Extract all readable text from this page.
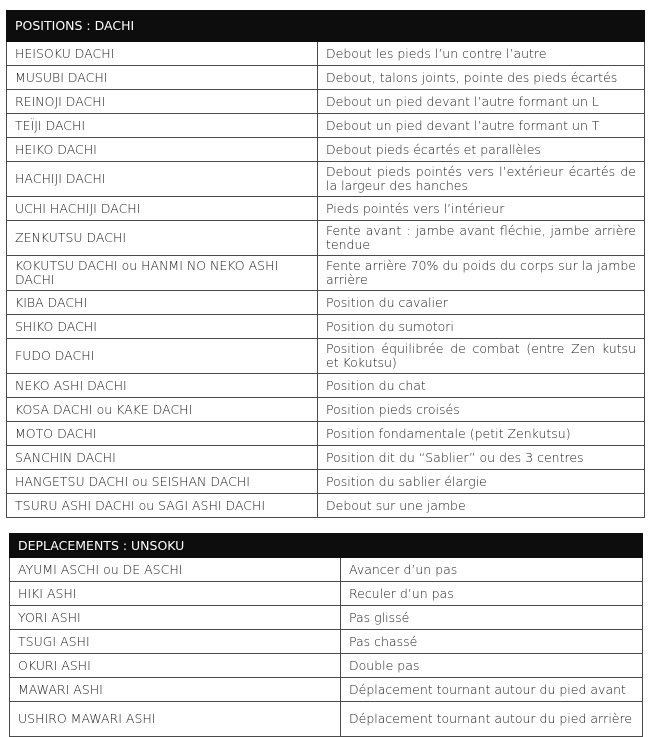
POSITIONS : DACHI	
HEISOKU DACHI	Debout les pieds l’un contre l’autre
MUSUBI DACHI	Debout, talons joints, pointe des pieds écartés
REINOJI DACHI	Debout un pied devant l’autre formant un L
TEÏJI DACHI	Debout un pied devant l’autre formant un T
HEIKO DACHI	Debout pieds écartés et parallèles
HACHIJI DACHI	Debout pieds pointés vers l’extérieur écartés de la largeur des hanches
UCHI HACHIJI DACHI	Pieds pointés vers l’intérieur
ZENKUTSU DACHI	Fente avant : jambe avant fléchie, jambe arrière tendue
KOKUTSU DACHI ou HANMI NO NEKO ASHI DACHI	Fente arrière 70% du poids du corps sur la jambe arrière
KIBA DACHI	Position du cavalier
SHIKO DACHI	Position du sumotori
FUDO DACHI	Position équilibrée de combat (entre Zen kutsu et Kokutsu)
NEKO ASHI DACHI	Position du chat
KOSA DACHI ou KAKE DACHI	Position pieds croisés
MOTO DACHI	Position fondamentale (petit Zenkutsu)
SANCHIN DACHI	Position dit du “Sablier” ou des 3 centres
HANGETSU DACHI ou SEISHAN DACHI	Position du sablier élargie
TSURU ASHI DACHI ou SAGI ASHI DACHI	Debout sur une jambe
DEPLACEMENTS : UNSOKU	
AYUMI ASCHI ou DE ASCHI	Avancer d’un pas
HIKI ASHI	Reculer d’un pas
YORI ASHI	Pas glissé
TSUGI ASHI	Pas chassé
OKURI ASHI	Double pas
MAWARI ASHI	Déplacement tournant autour du pied avant
USHIRO MAWARI ASHI	Déplacement tournant autour du pied arrière
